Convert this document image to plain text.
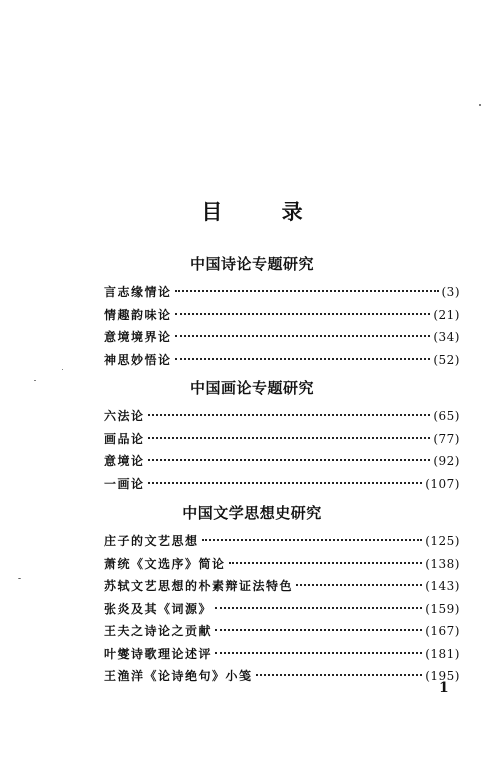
目 录
中国诗论专题研究
言志缘情论	(3)
情趣韵味论	(21)
意境境界论	(34)
神思妙悟论	(52)
中国画论专题研究
六法论	(65)
画品论	(77)
意境论	(92)
一画论	(107)
中国文学思想史研究
庄子的文艺思想	(125)
萧统《文选序》简论	(138)
苏轼文艺思想的朴素辩证法特色	(143)
张炎及其《词源》	(159)
王夫之诗论之贡献	(167)
叶燮诗歌理论述评	(181)
王渔洋《论诗绝句》小笺	(195)
1
